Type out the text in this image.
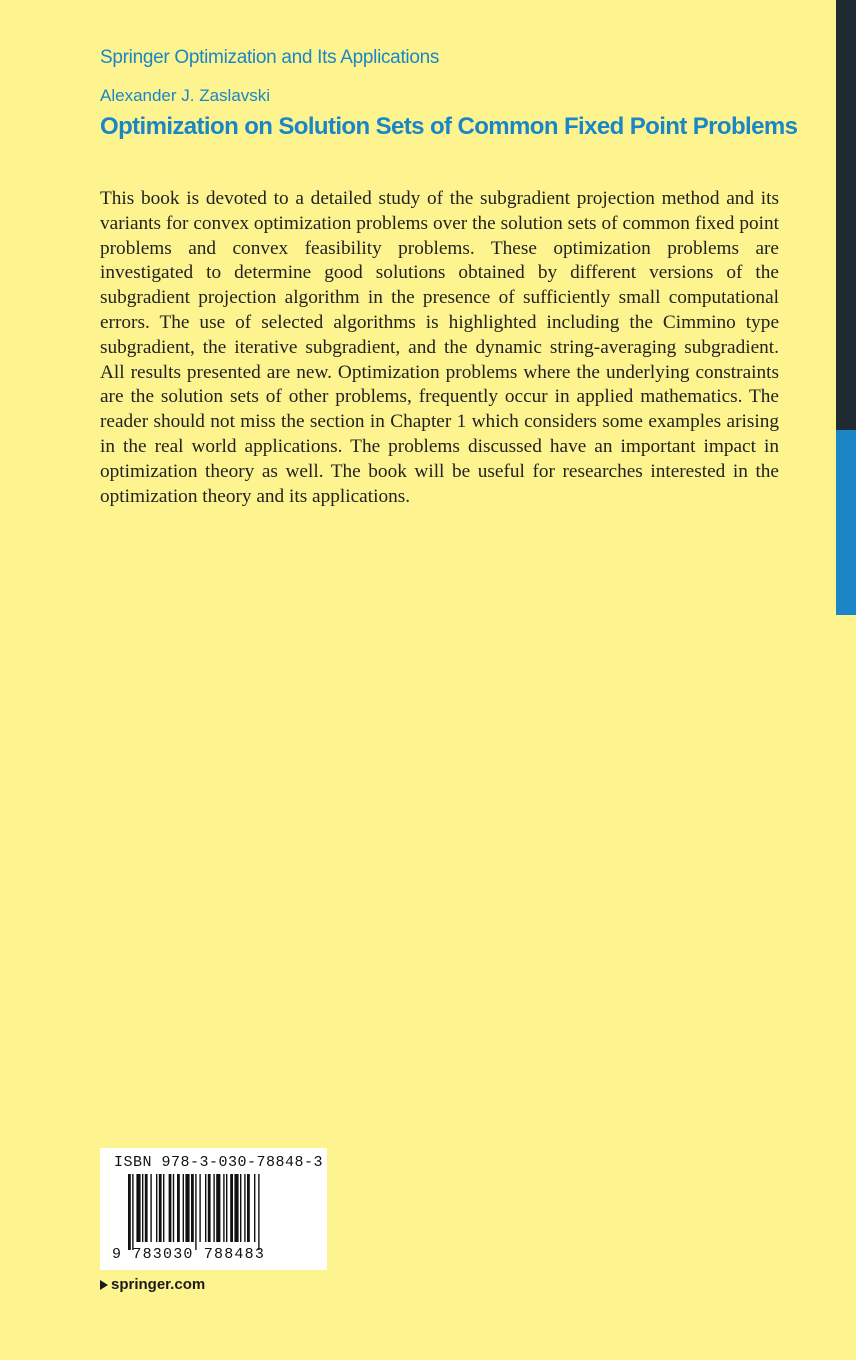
Springer Optimization and Its Applications
Alexander J. Zaslavski
Optimization on Solution Sets of Common Fixed Point Problems

This book is devoted to a detailed study of the subgradient projection method and its variants for convex optimization problems over the solution sets of common fixed point problems and convex feasibility problems. These optimization problems are investigated to determine good solutions obtained by different versions of the subgradient projection algorithm in the presence of sufficiently small computational errors. The use of selected algorithms is highlighted including the Cimmino type subgradient, the iterative subgradient, and the dynamic string-averaging subgradient. All results presented are new. Optimization problems where the underlying constraints are the solution sets of other problems, frequently occur in applied mathematics. The reader should not miss the section in Chapter 1 which considers some examples arising in the real world applications. The problems discussed have an important impact in optimization theory as well. The book will be useful for researches interested in the optimization theory and its applications.

ISBN 978-3-030-78848-3
9 783030 788483
springer.com
